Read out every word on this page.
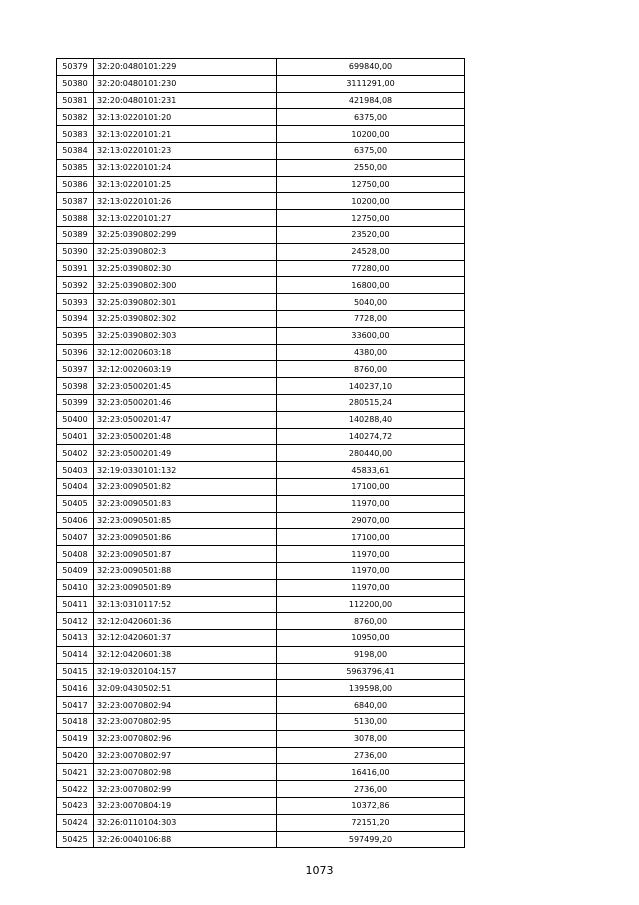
50379	32:20:0480101:229	699840,00
50380	32:20:0480101:230	3111291,00
50381	32:20:0480101:231	421984,08
50382	32:13:0220101:20	6375,00
50383	32:13:0220101:21	10200,00
50384	32:13:0220101:23	6375,00
50385	32:13:0220101:24	2550,00
50386	32:13:0220101:25	12750,00
50387	32:13:0220101:26	10200,00
50388	32:13:0220101:27	12750,00
50389	32:25:0390802:299	23520,00
50390	32:25:0390802:3	24528,00
50391	32:25:0390802:30	77280,00
50392	32:25:0390802:300	16800,00
50393	32:25:0390802:301	5040,00
50394	32:25:0390802:302	7728,00
50395	32:25:0390802:303	33600,00
50396	32:12:0020603:18	4380,00
50397	32:12:0020603:19	8760,00
50398	32:23:0500201:45	140237,10
50399	32:23:0500201:46	280515,24
50400	32:23:0500201:47	140288,40
50401	32:23:0500201:48	140274,72
50402	32:23:0500201:49	280440,00
50403	32:19:0330101:132	45833,61
50404	32:23:0090501:82	17100,00
50405	32:23:0090501:83	11970,00
50406	32:23:0090501:85	29070,00
50407	32:23:0090501:86	17100,00
50408	32:23:0090501:87	11970,00
50409	32:23:0090501:88	11970,00
50410	32:23:0090501:89	11970,00
50411	32:13:0310117:52	112200,00
50412	32:12:0420601:36	8760,00
50413	32:12:0420601:37	10950,00
50414	32:12:0420601:38	9198,00
50415	32:19:0320104:157	5963796,41
50416	32:09:0430502:51	139598,00
50417	32:23:0070802:94	6840,00
50418	32:23:0070802:95	5130,00
50419	32:23:0070802:96	3078,00
50420	32:23:0070802:97	2736,00
50421	32:23:0070802:98	16416,00
50422	32:23:0070802:99	2736,00
50423	32:23:0070804:19	10372,86
50424	32:26:0110104:303	72151,20
50425	32:26:0040106:88	597499,20
1073
